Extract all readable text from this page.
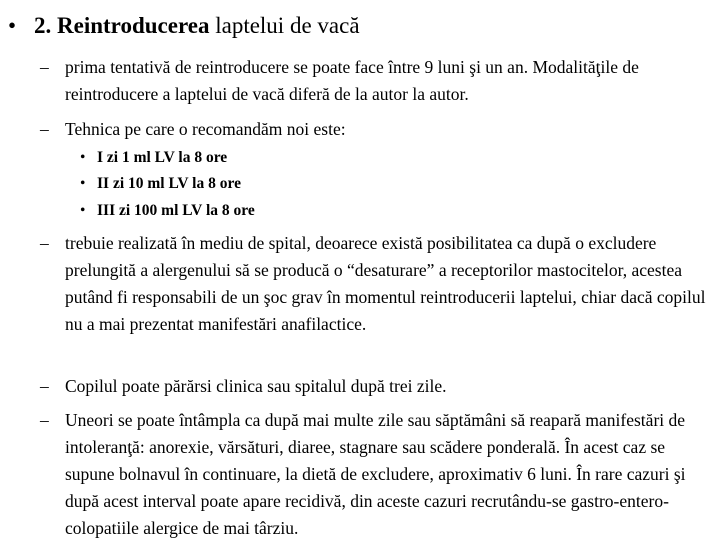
• 2. Reintroducerea laptelui de vacă
– prima tentativă de reintroducere se poate face între 9 luni şi un an. Modalităţile de reintroducere a laptelui de vacă diferă de la autor la autor.
– Tehnica pe care o recomandăm noi este:
• I zi 1 ml LV la 8 ore
• II zi 10 ml LV la 8 ore
• III zi 100 ml LV la 8 ore
– trebuie realizată în mediu de spital, deoarece există posibilitatea ca după o excludere prelungită a alergenului să se producă o “desaturare” a receptorilor mastocitelor, acestea putând fi responsabili de un şoc grav în momentul reintroducerii laptelui, chiar dacă copilul nu a mai prezentat manifestări anafilactice.
– Copilul poate părărsi clinica sau spitalul după trei zile.
– Uneori se poate întâmpla ca după mai multe zile sau săptămâni să reapară manifestări de intoleranţă: anorexie, vărsături, diaree, stagnare sau scădere ponderală. În acest caz se supune bolnavul în continuare, la dietă de excludere, aproximativ 6 luni. În rare cazuri şi după acest interval poate apare recidivă, din aceste cazuri recrutându-se gastro-entero-colopatiile alergice de mai târziu.
